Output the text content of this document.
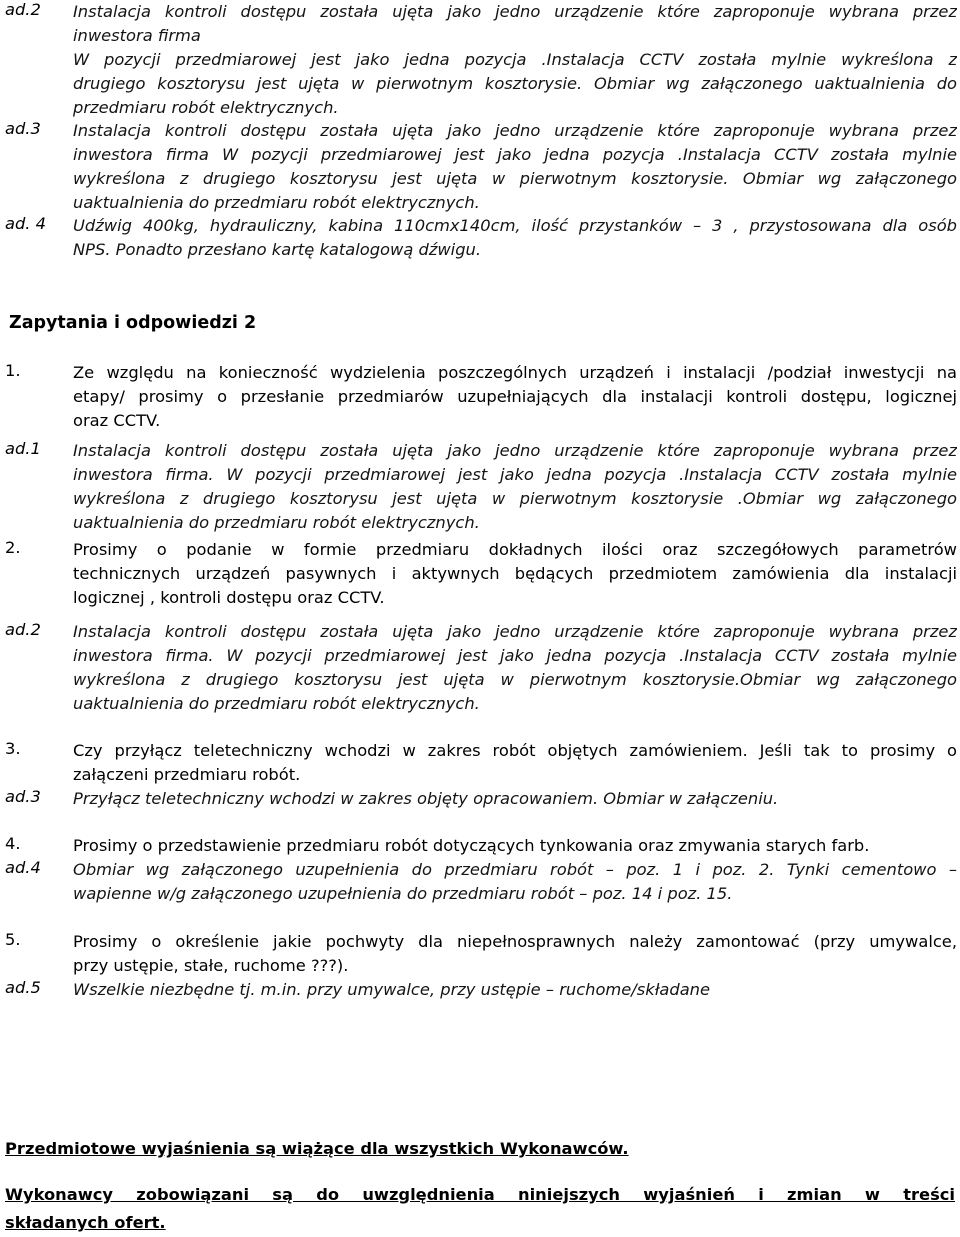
ad.2 Instalacja kontroli dostępu została ujęta jako jedno urządzenie które zaproponuje wybrana przez
inwestora firma
W pozycji przedmiarowej jest jako jedna pozycja .Instalacja CCTV została mylnie wykreślona z
drugiego kosztorysu jest ujęta w pierwotnym kosztorysie. Obmiar wg załączonego uaktualnienia do
przedmiaru robót elektrycznych.
ad.3 Instalacja kontroli dostępu została ujęta jako jedno urządzenie które zaproponuje wybrana przez
inwestora firma W pozycji przedmiarowej jest jako jedna pozycja .Instalacja CCTV została mylnie
wykreślona z drugiego kosztorysu jest ujęta w pierwotnym kosztorysie. Obmiar wg załączonego
uaktualnienia do przedmiaru robót elektrycznych.
ad. 4 Udźwig 400kg, hydrauliczny, kabina 110cmx140cm, ilość przystanków – 3 , przystosowana dla osób
NPS. Ponadto przesłano kartę katalogową dźwigu.
Zapytania i odpowiedzi 2
1.	Ze względu na konieczność wydzielenia poszczególnych urządzeń i instalacji /podział inwestycji na
etapy/ prosimy o przesłanie przedmiarów uzupełniających dla instalacji kontroli dostępu, logicznej
oraz CCTV.
ad.1 Instalacja kontroli dostępu została ujęta jako jedno urządzenie które zaproponuje wybrana przez
inwestora firma. W pozycji przedmiarowej jest jako jedna pozycja .Instalacja CCTV została mylnie
wykreślona z drugiego kosztorysu jest ujęta w pierwotnym kosztorysie .Obmiar wg załączonego
uaktualnienia do przedmiaru robót elektrycznych.
2.	Prosimy o podanie w formie przedmiaru dokładnych ilości oraz szczegółowych parametrów
technicznych urządzeń pasywnych i aktywnych będących przedmiotem zamówienia dla instalacji
logicznej , kontroli dostępu oraz CCTV.
ad.2 Instalacja kontroli dostępu została ujęta jako jedno urządzenie które zaproponuje wybrana przez
inwestora firma. W pozycji przedmiarowej jest jako jedna pozycja .Instalacja CCTV została mylnie
wykreślona z drugiego kosztorysu jest ujęta w pierwotnym kosztorysie.Obmiar wg załączonego
uaktualnienia do przedmiaru robót elektrycznych.
3.	Czy przyłącz teletechniczny wchodzi w zakres robót objętych zamówieniem. Jeśli tak to prosimy o
załączeni przedmiaru robót.
ad.3 Przyłącz teletechniczny wchodzi w zakres objęty opracowaniem. Obmiar w załączeniu.
4.	Prosimy o przedstawienie przedmiaru robót dotyczących tynkowania oraz zmywania starych farb.
ad.4 Obmiar wg załączonego uzupełnienia do przedmiaru robót – poz. 1 i poz. 2. Tynki cementowo –
wapienne w/g załączonego uzupełnienia do przedmiaru robót – poz. 14 i poz. 15.
5.	Prosimy o określenie jakie pochwyty dla niepełnosprawnych należy zamontować (przy umywalce,
przy ustępie, stałe, ruchome ???).
ad.5 Wszelkie niezbędne tj. m.in. przy umywalce, przy ustępie – ruchome/składane
Przedmiotowe wyjaśnienia są wiążące dla wszystkich Wykonawców.
Wykonawcy zobowiązani są do uwzględnienia niniejszych wyjaśnień i zmian w treści
składanych ofert.
